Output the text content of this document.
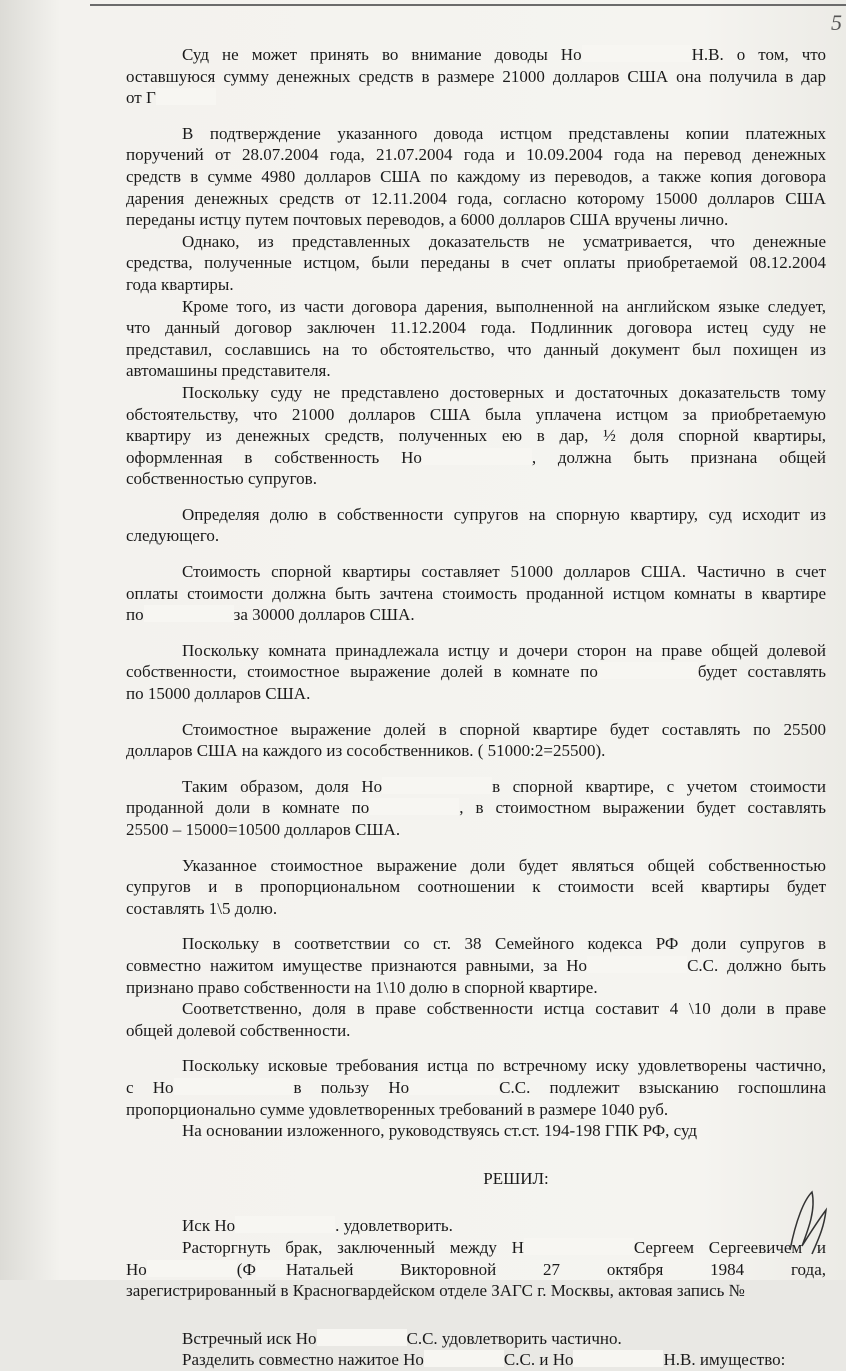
5
Суд не может принять во внимание доводы Но	Н.В. о том, что
оставшуюся сумму денежных средств в размере 21000 долларов США она получила в дар
от Г
В подтверждение указанного довода истцом представлены копии платежных
поручений от 28.07.2004 года, 21.07.2004 года и 10.09.2004 года на перевод денежных
средств в сумме 4980 долларов США по каждому из переводов, а также копия договора
дарения денежных средств от 12.11.2004 года, согласно которому 15000 долларов США
переданы истцу путем почтовых переводов, а 6000 долларов США вручены лично.
Однако, из представленных доказательств не усматривается, что денежные
средства, полученные истцом, были переданы в счет оплаты приобретаемой 08.12.2004
года квартиры.
Кроме того, из части договора дарения, выполненной на английском языке следует,
что данный договор заключен 11.12.2004 года. Подлинник договора истец суду не
представил, сославшись на то обстоятельство, что данный документ был похищен из
автомашины представителя.
Поскольку суду не представлено достоверных и достаточных доказательств тому
обстоятельству, что 21000 долларов США была уплачена истцом за приобретаемую
квартиру из денежных средств, полученных ею в дар, ½ доля спорной квартиры,
оформленная в собственность Но	, должна быть признана общей
собственностью супругов.
Определяя долю в собственности супругов на спорную квартиру, суд исходит из
следующего.
Стоимость спорной квартиры составляет 51000 долларов США. Частично в счет
оплаты стоимости должна быть зачтена стоимость проданной истцом комнаты в квартире
по	за 30000 долларов США.
Поскольку комната принадлежала истцу и дочери сторон на праве общей долевой
собственности, стоимостное выражение долей в комнате по	будет составлять
по 15000 долларов США.
Стоимостное выражение долей в спорной квартире будет составлять по 25500
долларов США на каждого из сособственников. ( 51000:2=25500).
Таким образом, доля Но	в спорной квартире, с учетом стоимости
проданной доли в комнате по	, в стоимостном выражении будет составлять
25500 – 15000=10500 долларов США.
Указанное стоимостное выражение доли будет являться общей собственностью
супругов и в пропорциональном соотношении к стоимости всей квартиры будет
составлять 1\5 долю.
Поскольку в соответствии со ст. 38 Семейного кодекса РФ доли супругов в
совместно нажитом имуществе признаются равными, за Но	С.С. должно быть
признано право собственности на 1\10 долю в спорной квартире.
Соответственно, доля в праве собственности истца составит 4 \10 доли в праве
общей долевой собственности.
Поскольку исковые требования истца по встречному иску удовлетворены частично,
с Но	в пользу Но	С.С. подлежит взысканию госпошлина
пропорционально сумме удовлетворенных требований в размере 1040 руб.
На основании изложенного, руководствуясь ст.ст. 194-198 ГПК РФ, суд
РЕШИЛ:
Иск Но	. удовлетворить.
Расторгнуть брак, заключенный между Н	Сергеем Сергеевичем и
Но	(Ф Натальей Викторовной 27 октября 1984 года,
зарегистрированный в Красногвардейском отделе ЗАГС г. Москвы, актовая запись №
Встречный иск Но	С.С. удовлетворить частично.
Разделить совместно нажитое Но	С.С. и Но	Н.В. имущество:
